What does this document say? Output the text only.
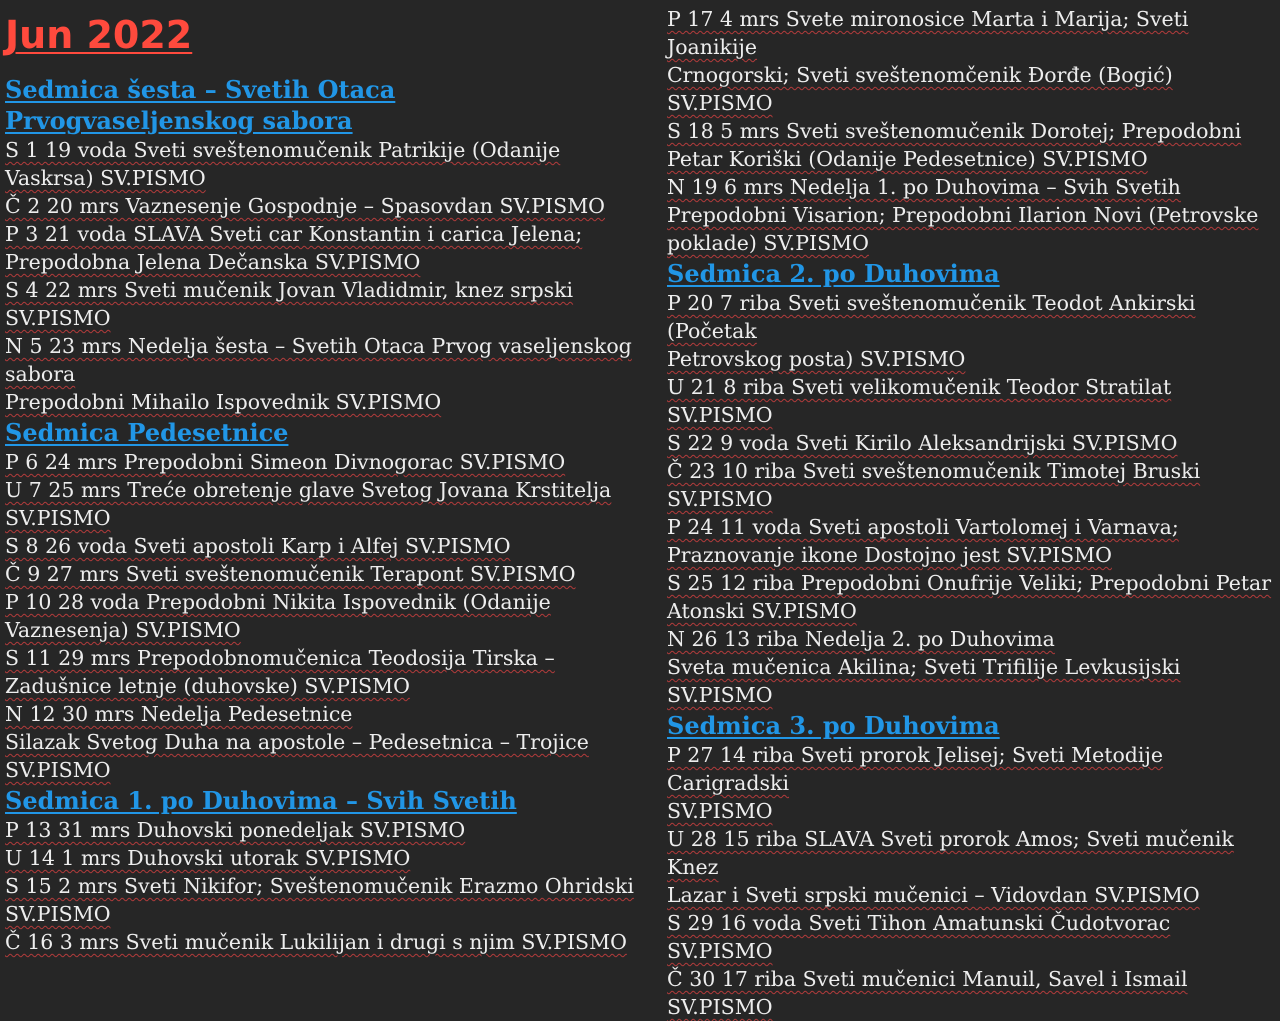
Jun 2022
Sedmica šesta – Svetih Otaca Prvogvaseljenskog sabora
S 1 19 voda Sveti sveštenomučenik Patrikije (Odanije
Vaskrsa) SV.PISMO
Č 2 20 mrs Vaznesenje Gospodnje – Spasovdan SV.PISMO
P 3 21 voda SLAVA Sveti car Konstantin i carica Jelena;
Prepodobna Jelena Dečanska SV.PISMO
S 4 22 mrs Sveti mučenik Jovan Vladidmir, knez srpski
SV.PISMO
N 5 23 mrs Nedelja šesta – Svetih Otaca Prvog vaseljenskog
sabora
Prepodobni Mihailo Ispovednik SV.PISMO
Sedmica Pedesetnice
P 6 24 mrs Prepodobni Simeon Divnogorac SV.PISMO
U 7 25 mrs Treće obretenje glave Svetog Jovana Krstitelja
SV.PISMO
S 8 26 voda Sveti apostoli Karp i Alfej SV.PISMO
Č 9 27 mrs Sveti sveštenomučenik Terapont SV.PISMO
P 10 28 voda Prepodobni Nikita Ispovednik (Odanije
Vaznesenja) SV.PISMO
S 11 29 mrs Prepodobnomučenica Teodosija Tirska –
Zadušnice letnje (duhovske) SV.PISMO
N 12 30 mrs Nedelja Pedesetnice
Silazak Svetog Duha na apostole – Pedesetnica – Trojice
SV.PISMO
Sedmica 1. po Duhovima – Svih Svetih
P 13 31 mrs Duhovski ponedeljak SV.PISMO
U 14 1 mrs Duhovski utorak SV.PISMO
S 15 2 mrs Sveti Nikifor; Sveštenomučenik Erazmo Ohridski
SV.PISMO
Č 16 3 mrs Sveti mučenik Lukilijan i drugi s njim SV.PISMO
P 17 4 mrs Svete mironosice Marta i Marija; Sveti Joanikije
Crnogorski; Sveti sveštenomčenik Đorđe (Bogić) SV.PISMO
S 18 5 mrs Sveti sveštenomučenik Dorotej; Prepodobni
Petar Koriški (Odanije Pedesetnice) SV.PISMO
N 19 6 mrs Nedelja 1. po Duhovima – Svih Svetih
Prepodobni Visarion; Prepodobni Ilarion Novi (Petrovske
poklade) SV.PISMO
Sedmica 2. po Duhovima
P 20 7 riba Sveti sveštenomučenik Teodot Ankirski (Početak
Petrovskog posta) SV.PISMO
U 21 8 riba Sveti velikomučenik Teodor Stratilat SV.PISMO
S 22 9 voda Sveti Kirilo Aleksandrijski SV.PISMO
Č 23 10 riba Sveti sveštenomučenik Timotej Bruski
SV.PISMO
P 24 11 voda Sveti apostoli Vartolomej i Varnava;
Praznovanje ikone Dostojno jest SV.PISMO
S 25 12 riba Prepodobni Onufrije Veliki; Prepodobni Petar
Atonski SV.PISMO
N 26 13 riba Nedelja 2. po Duhovima
Sveta mučenica Akilina; Sveti Trifilije Levkusijski
SV.PISMO
Sedmica 3. po Duhovima
P 27 14 riba Sveti prorok Jelisej; Sveti Metodije Carigradski
SV.PISMO
U 28 15 riba SLAVA Sveti prorok Amos; Sveti mučenik Knez
Lazar i Sveti srpski mučenici – Vidovdan SV.PISMO
S 29 16 voda Sveti Tihon Amatunski Čudotvorac SV.PISMO
Č 30 17 riba Sveti mučenici Manuil, Savel i Ismail
SV.PISMO
